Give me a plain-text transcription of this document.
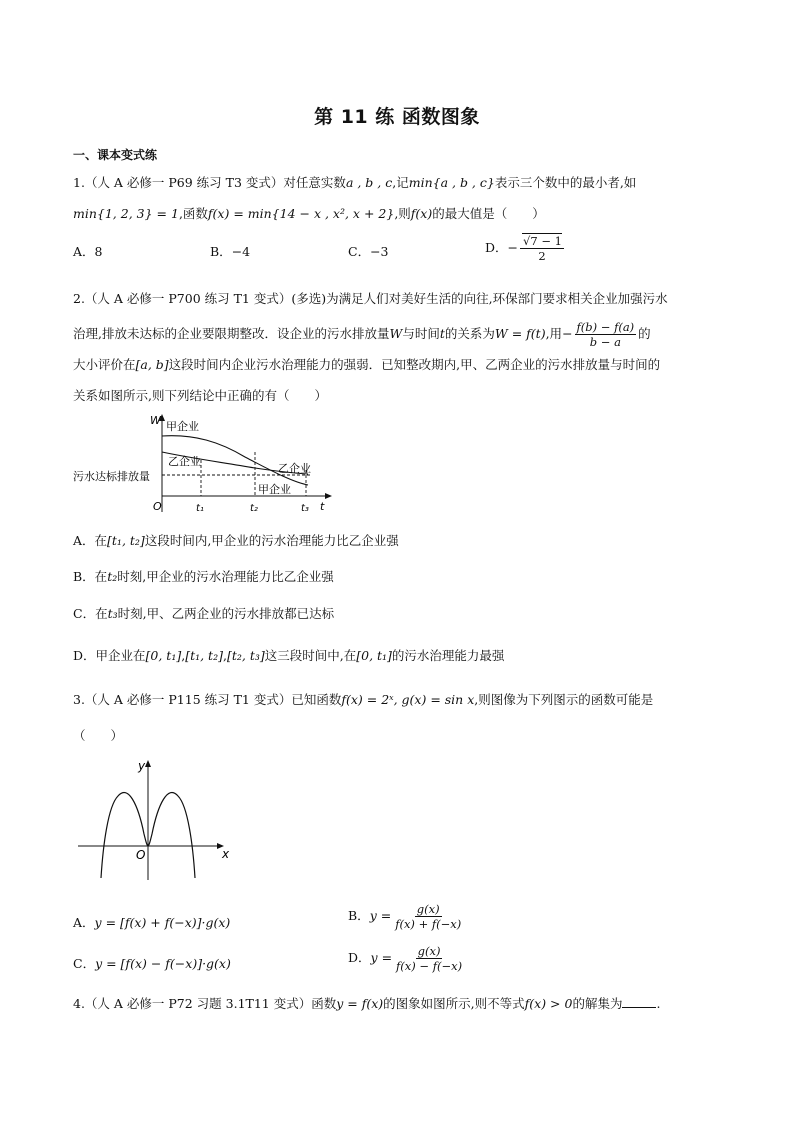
第 11 练 函数图象
一、课本变式练
1.（人 A 必修一 P69 练习 T3 变式）对任意实数a , b , c,记min{a , b , c}表示三个数中的最小者,如
min{1, 2, 3} = 1,函数f(x) = min{14 − x , x², x + 2},则f(x)的最大值是（　　）
A．8	B．−4	C．−3	D．− $\frac{√7 - 1}{2}$
2.（人 A 必修一 P700 练习 T1 变式）(多选)为满足人们对美好生活的向往,环保部门要求相关企业加强污水
治理,排放未达标的企业要限期整改．设企业的污水排放量W与时间t的关系为W = f(t),用− $\frac{f(b) - f(a)}{b - a}$ 的
大小评价在[a, b]这段时间内企业污水治理能力的强弱．已知整改期内,甲、乙两企业的污水排放量与时间的
关系如图所示,则下列结论中正确的有（　　）
W 甲企业
乙企业
乙企业
甲企业
污水达标排放量
O	t
t₁	t₂	t₃
A．在[t₁, t₂]这段时间内,甲企业的污水治理能力比乙企业强
B．在t₂时刻,甲企业的污水治理能力比乙企业强
C．在t₃时刻,甲、乙两企业的污水排放都已达标
D．甲企业在[0, t₁],[t₁, t₂],[t₂, t₃]这三段时间中,在[0, t₁]的污水治理能力最强
3.（人 A 必修一 P115 练习 T1 变式）已知函数f(x) = 2ˣ, g(x) = sin x,则图像为下列图示的函数可能是
（　　）
y
x
O
A．y = [f(x) + f(−x)]·g(x)	B．$y = \frac{g(x)}{f(x) + f(-x)}$
C．y = [f(x) − f(−x)]·g(x)	D．$y = \frac{g(x)}{f(x) - f(-x)}$
4.（人 A 必修一 P72 习题 3.1T11 变式）函数y = f(x)的图象如图所示,则不等式f(x) > 0的解集为	.
